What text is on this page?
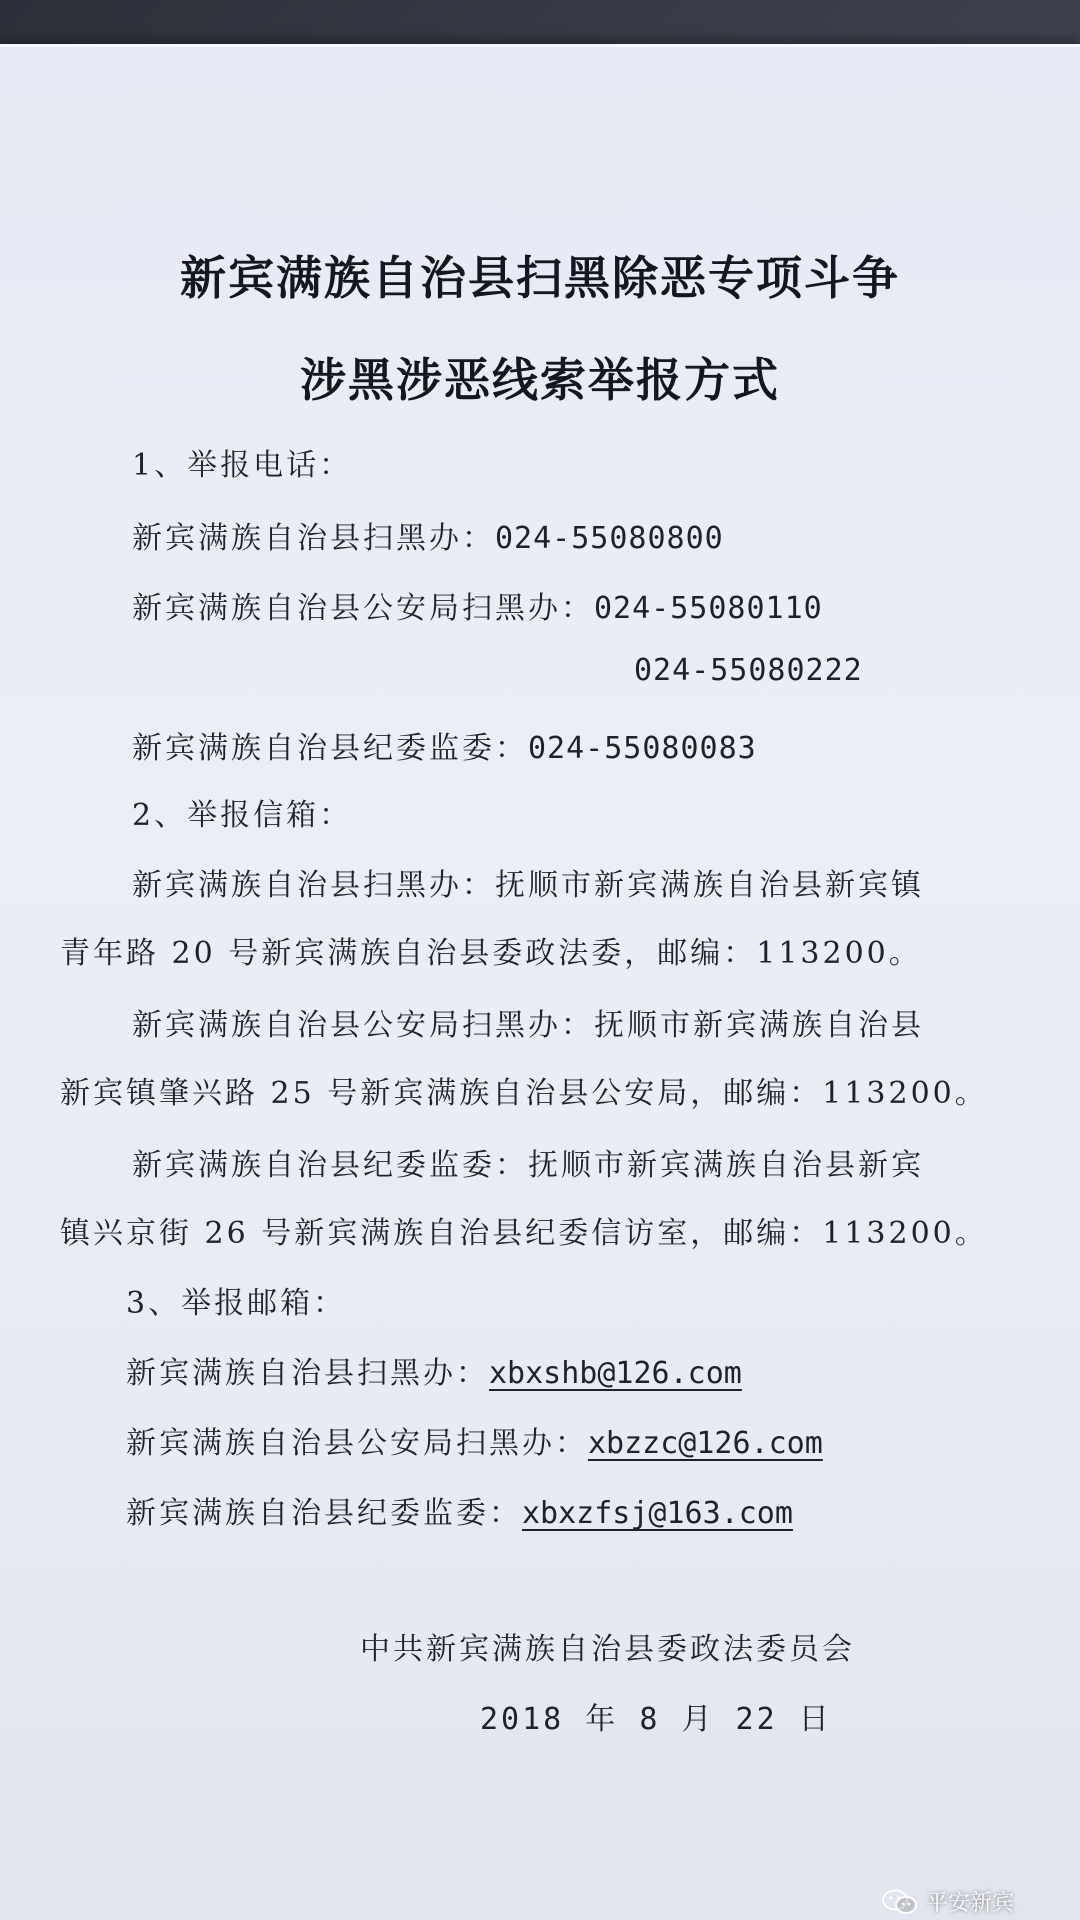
新宾满族自治县扫黑除恶专项斗争
涉黑涉恶线索举报方式
1、举报电话：
新宾满族自治县扫黑办：024-55080800
新宾满族自治县公安局扫黑办：024-55080110
024-55080222
新宾满族自治县纪委监委：024-55080083
2、举报信箱：
新宾满族自治县扫黑办：抚顺市新宾满族自治县新宾镇
青年路 20 号新宾满族自治县委政法委，邮编：113200。
新宾满族自治县公安局扫黑办：抚顺市新宾满族自治县
新宾镇肇兴路 25 号新宾满族自治县公安局，邮编：113200。
新宾满族自治县纪委监委：抚顺市新宾满族自治县新宾
镇兴京街 26 号新宾满族自治县纪委信访室，邮编：113200。
3、举报邮箱：
新宾满族自治县扫黑办：xbxshb@126.com
新宾满族自治县公安局扫黑办：xbzzc@126.com
新宾满族自治县纪委监委：xbxzfsj@163.com
中共新宾满族自治县委政法委员会
2018 年 8 月 22 日
平安新宾
